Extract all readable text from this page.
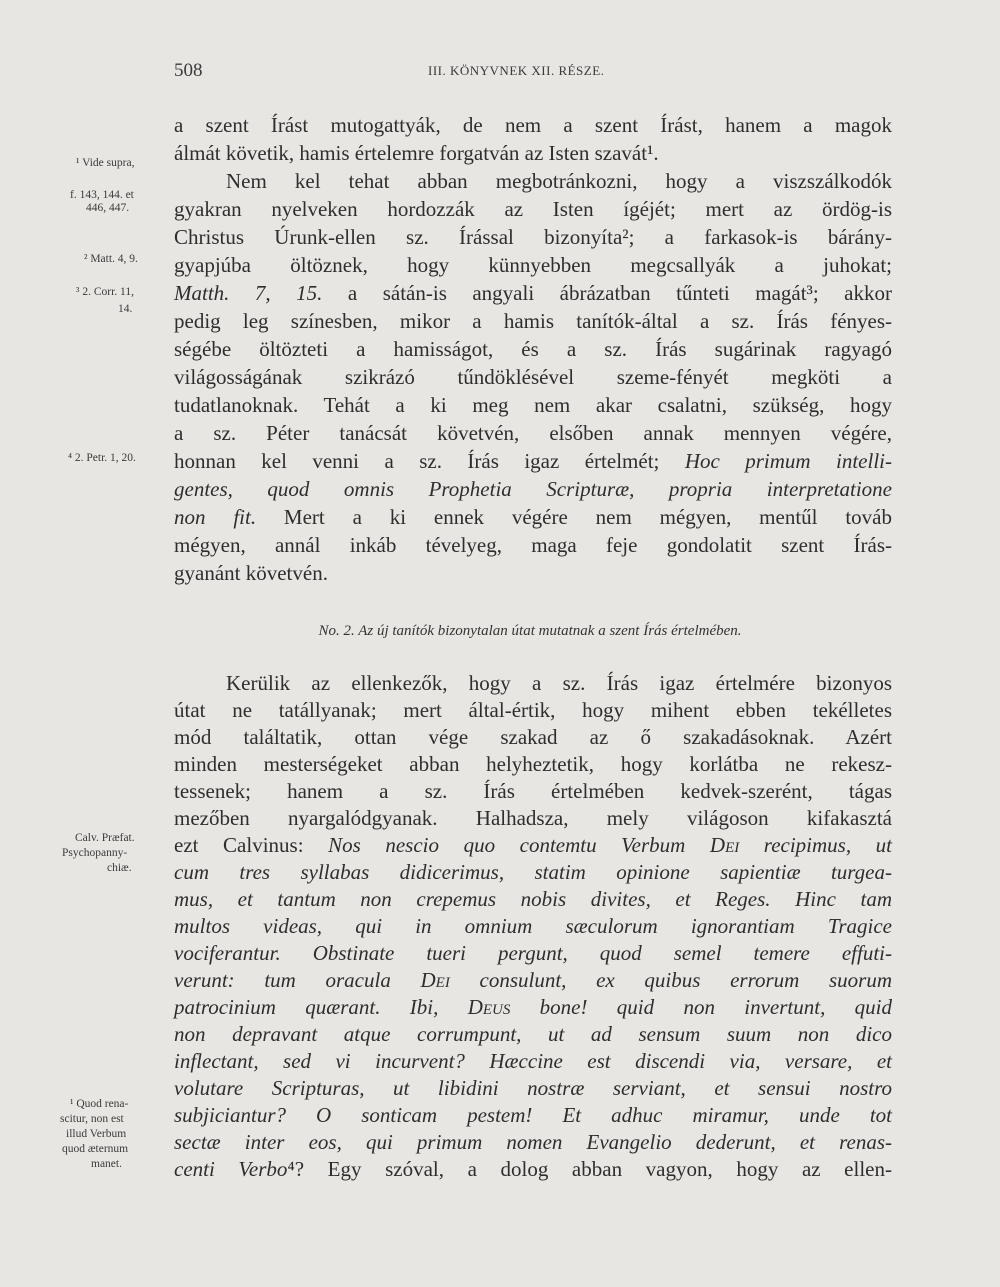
508	III. KÖNYVNEK XII. RÉSZE.
¹ Vide supra,
f. 143, 144. et
446, 447.
² Matt. 4, 9.
³ 2. Corr. 11,
14.
⁴ 2. Petr. 1, 20.
Calv. Præfat.
Psychopanny-
chiæ.
¹ Quod rena-
scitur, non est
illud Verbum
quod æternum
manet.
a szent Írást mutogattyák, de nem a szent Írást, hanem a magok
álmát követik, hamis értelemre forgatván az Isten szavát¹.
Nem kel tehat abban megbotránkozni, hogy a viszszálkodók
gyakran nyelveken hordozzák az Isten ígéjét; mert az ördög-is
Christus Úrunk-ellen sz. Írással bizonyíta²; a farkasok-is bárány-
gyapjúba öltöznek, hogy künnyebben megcsallyák a juhokat;
Matth. 7, 15. a sátán-is angyali ábrázatban tűnteti magát³; akkor
pedig leg színesben, mikor a hamis tanítók-által a sz. Írás fényes-
ségébe öltözteti a hamisságot, és a sz. Írás sugárinak ragyagó
világosságának szikrázó tűndöklésével szeme-fényét megköti a
tudatlanoknak. Tehát a ki meg nem akar csalatni, szükség, hogy
a sz. Péter tanácsát követvén, elsőben annak mennyen végére,
honnan kel venni a sz. Írás igaz értelmét; Hoc primum intelli-
gentes, quod omnis Prophetia Scripturæ, propria interpretatione
non fit. Mert a ki ennek végére nem mégyen, mentűl továb
mégyen, annál inkáb tévelyeg, maga feje gondolatit szent Írás-
gyanánt követvén.
No. 2. Az új tanítók bizonytalan útat mutatnak a szent Írás értelmében.
Kerülik az ellenkezők, hogy a sz. Írás igaz értelmére bizonyos
útat ne tatállyanak; mert által-értik, hogy mihent ebben tekélletes
mód találtatik, ottan vége szakad az ő szakadásoknak. Azért
minden mesterségeket abban helyheztetik, hogy korlátba ne rekesz-
tessenek; hanem a sz. Írás értelmében kedvek-szerént, tágas
mezőben nyargalódgyanak. Halhadsza, mely világoson kifakasztá
ezt Calvinus: Nos nescio quo contemtu Verbum Dei recipimus, ut
cum tres syllabas didicerimus, statim opinione sapientiæ turgea-
mus, et tantum non crepemus nobis divites, et Reges. Hinc tam
multos videas, qui in omnium sæculorum ignorantiam Tragice
vociferantur. Obstinate tueri pergunt, quod semel temere effuti-
verunt: tum oracula Dei consulunt, ex quibus errorum suorum
patrocinium quærant. Ibi, Deus bone! quid non invertunt, quid
non depravant atque corrumpunt, ut ad sensum suum non dico
inflectant, sed vi incurvent? Hæccine est discendi via, versare, et
volutare Scripturas, ut libidini nostræ serviant, et sensui nostro
subjiciantur? O sonticam pestem! Et adhuc miramur, unde tot
sectæ inter eos, qui primum nomen Evangelio dederunt, et renas-
centi Verbo⁴? Egy szóval, a dolog abban vagyon, hogy az ellen-
